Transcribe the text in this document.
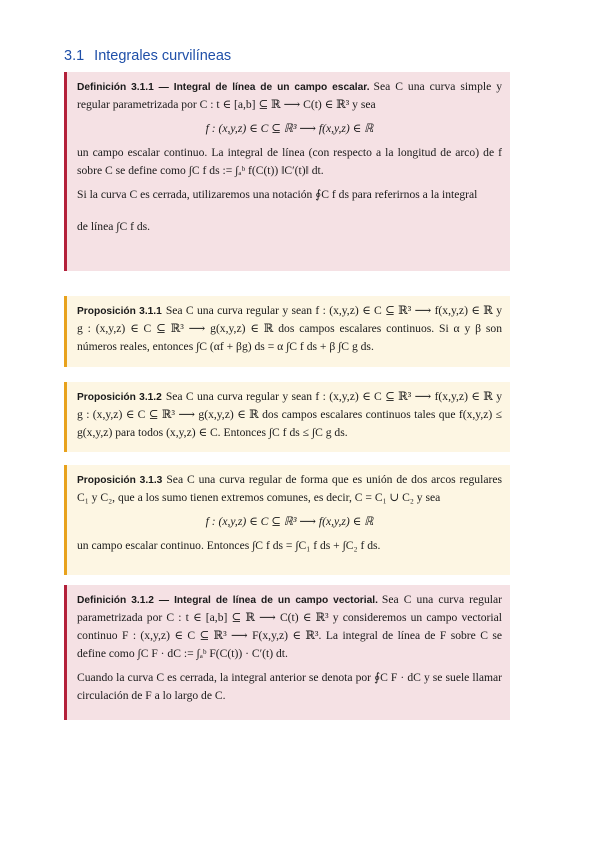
3.1 Integrales curvilíneas

Definición 3.1.1 — Integral de línea de un campo escalar. Sea C una curva simple y regular parametrizada por C : t ∈ [a,b] ⊆ ℝ ⟶ C(t) ∈ ℝ³ y sea

f : (x,y,z) ∈ C ⊆ ℝ³ ⟶ f(x,y,z) ∈ ℝ

un campo escalar continuo. La integral de línea (con respecto a la longitud de arco) de f sobre C se define como ∫C f ds := ∫ₐᵇ f(C(t)) ‖C′(t)‖ dt.

Si la curva C es cerrada, utilizaremos una notación ∮C f ds para referirnos a la integral

de línea ∫C f ds.

Proposición 3.1.1 Sea C una curva regular y sean f : (x,y,z) ∈ C ⊆ ℝ³ ⟶ f(x,y,z) ∈ ℝ y g : (x,y,z) ∈ C ⊆ ℝ³ ⟶ g(x,y,z) ∈ ℝ dos campos escalares continuos. Si α y β son números reales, entonces ∫C (αf + βg) ds = α ∫C f ds + β ∫C g ds.

Proposición 3.1.2 Sea C una curva regular y sean f : (x,y,z) ∈ C ⊆ ℝ³ ⟶ f(x,y,z) ∈ ℝ y g : (x,y,z) ∈ C ⊆ ℝ³ ⟶ g(x,y,z) ∈ ℝ dos campos escalares continuos tales que f(x,y,z) ≤ g(x,y,z) para todos (x,y,z) ∈ C. Entonces ∫C f ds ≤ ∫C g ds.

Proposición 3.1.3 Sea C una curva regular de forma que es unión de dos arcos regulares C₁ y C₂, que a los sumo tienen extremos comunes, es decir, C = C₁ ∪ C₂ y sea

f : (x,y,z) ∈ C ⊆ ℝ³ ⟶ f(x,y,z) ∈ ℝ

un campo escalar continuo. Entonces ∫C f ds = ∫C₁ f ds + ∫C₂ f ds.

Definición 3.1.2 — Integral de línea de un campo vectorial. Sea C una curva regular parametrizada por C : t ∈ [a,b] ⊆ ℝ ⟶ C(t) ∈ ℝ³ y consideremos un campo vectorial continuo F : (x,y,z) ∈ C ⊆ ℝ³ ⟶ F(x,y,z) ∈ ℝ³. La integral de línea de F sobre C se define como ∫C F · dC := ∫ₐᵇ F(C(t)) · C′(t) dt.

Cuando la curva C es cerrada, la integral anterior se denota por ∮C F · dC y se suele llamar circulación de F a lo largo de C.
